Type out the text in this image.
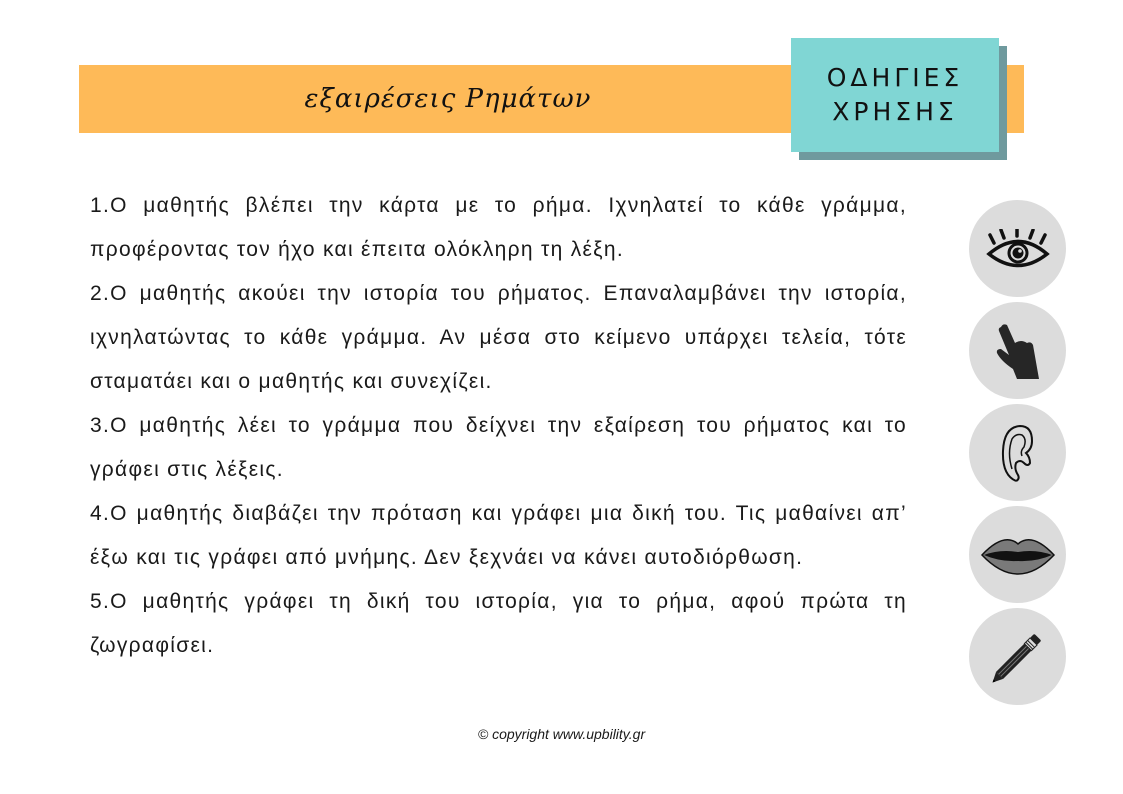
εξαιρέσεις Ρημάτων
ΟΔΗΓΙΕΣ
ΧΡΗΣΗΣ

1.Ο μαθητής βλέπει την κάρτα με το ρήμα. Ιχνηλατεί το κάθε γράμμα, προφέροντας τον ήχο και έπειτα ολόκληρη τη λέξη.

2.Ο μαθητής ακούει την ιστορία του ρήματος. Επαναλαμβάνει την ιστορία, ιχνηλατώντας το κάθε γράμμα. Αν μέσα στο κείμενο υπάρχει τελεία, τότε σταματάει και ο μαθητής και συνεχίζει.

3.Ο μαθητής λέει το γράμμα που δείχνει την εξαίρεση του ρήματος και το γράφει στις λέξεις.

4.Ο μαθητής διαβάζει την πρόταση και γράφει μια δική του. Τις μαθαίνει απ’ έξω και τις γράφει από μνήμης. Δεν ξεχνάει να κάνει αυτοδιόρθωση.

5.Ο μαθητής γράφει τη δική του ιστορία, για το ρήμα, αφού πρώτα τη ζωγραφίσει.

© copyright www.upbility.gr
